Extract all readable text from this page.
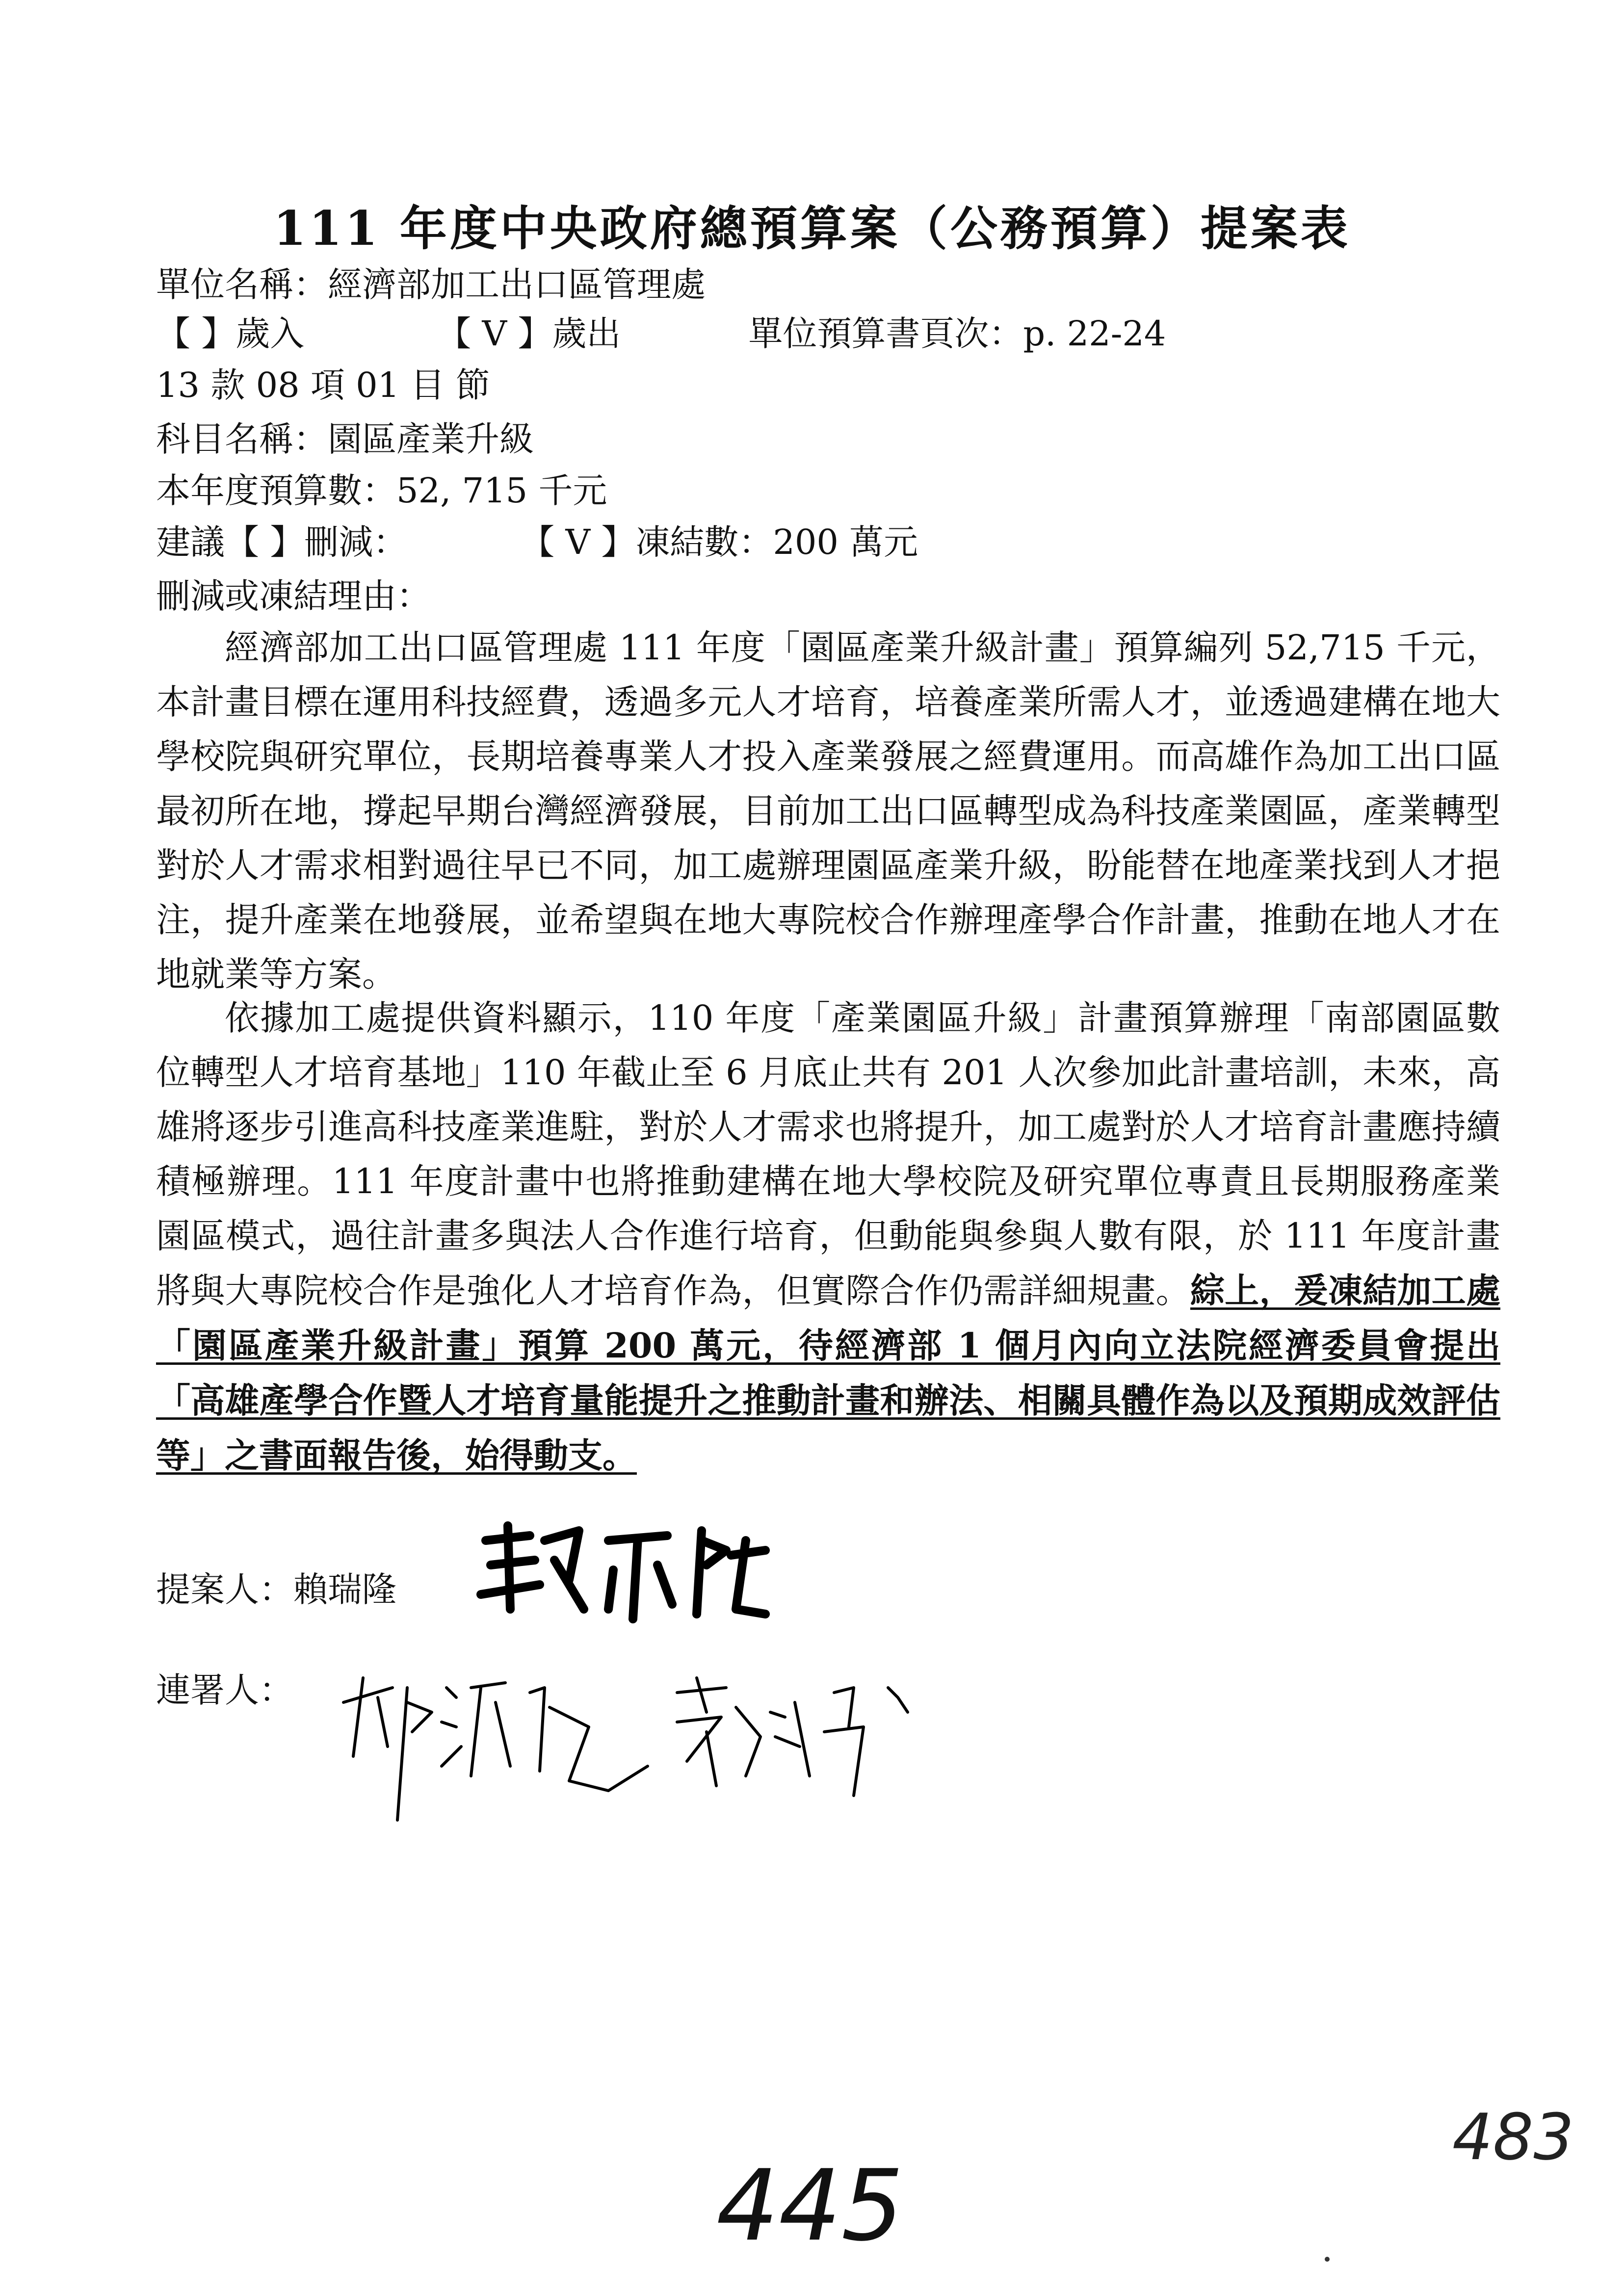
111 年度中央政府總預算案（公務預算）提案表
單位名稱：經濟部加工出口區管理處
【 】歲入	【 V 】歲出	單位預算書頁次：p. 22-24
13 款 08 項 01 目 節
科目名稱：園區產業升級
本年度預算數：52, 715 千元
建議【 】刪減：	【 V 】凍結數：200 萬元
刪減或凍結理由：

經濟部加工出口區管理處 111 年度「園區產業升級計畫」預算編列 52,715 千元，本計畫目標在運用科技經費，透過多元人才培育，培養產業所需人才，並透過建構在地大學校院與研究單位，長期培養專業人才投入產業發展之經費運用。而高雄作為加工出口區最初所在地，撐起早期台灣經濟發展，目前加工出口區轉型成為科技產業園區，產業轉型對於人才需求相對過往早已不同，加工處辦理園區產業升級，盼能替在地產業找到人才挹注，提升產業在地發展，並希望與在地大專院校合作辦理產學合作計畫，推動在地人才在地就業等方案。

依據加工處提供資料顯示，110 年度「產業園區升級」計畫預算辦理「南部園區數位轉型人才培育基地」110 年截止至 6 月底止共有 201 人次參加此計畫培訓，未來，高雄將逐步引進高科技產業進駐，對於人才需求也將提升，加工處對於人才培育計畫應持續積極辦理。111 年度計畫中也將推動建構在地大學校院及研究單位專責且長期服務產業園區模式，過往計畫多與法人合作進行培育，但動能與參與人數有限，於 111 年度計畫將與大專院校合作是強化人才培育作為，但實際合作仍需詳細規畫。綜上，爰凍結加工處「園區產業升級計畫」預算 200 萬元，待經濟部 1 個月內向立法院經濟委員會提出「高雄產學合作暨人才培育量能提升之推動計畫和辦法、相關具體作為以及預期成效評估等」之書面報告後，始得動支。

提案人：賴瑞隆
連署人：
445
483
